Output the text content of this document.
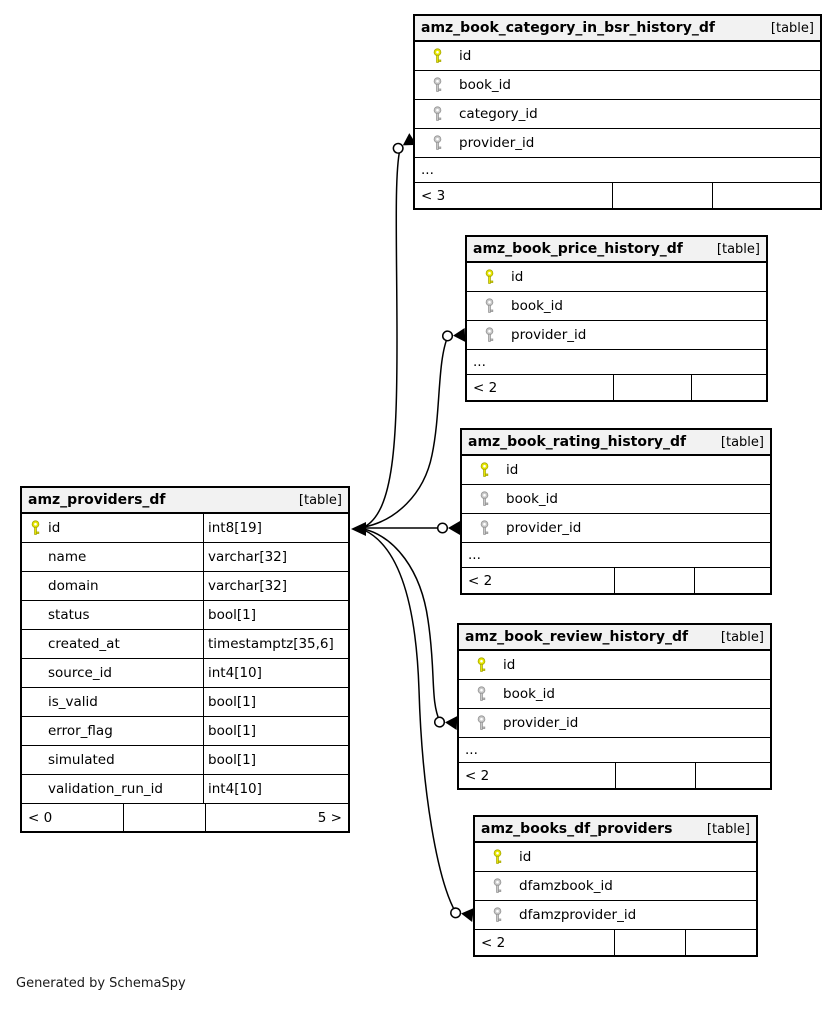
amz_book_category_in_bsr_history_df	[table]
id
book_id
category_id
provider_id
...
< 3
amz_book_price_history_df	[table]
id
book_id
provider_id
...
< 2
amz_book_rating_history_df	[table]
id
book_id
provider_id
...
< 2
amz_book_review_history_df	[table]
id
book_id
provider_id
...
< 2
amz_books_df_providers	[table]
id
dfamzbook_id
dfamzprovider_id
< 2
amz_providers_df	[table]
id	int8[19]
name	varchar[32]
domain	varchar[32]
status	bool[1]
created_at	timestamptz[35,6]
source_id	int4[10]
is_valid	bool[1]
error_flag	bool[1]
simulated	bool[1]
validation_run_id	int4[10]
< 0	5 >
Generated by SchemaSpy
